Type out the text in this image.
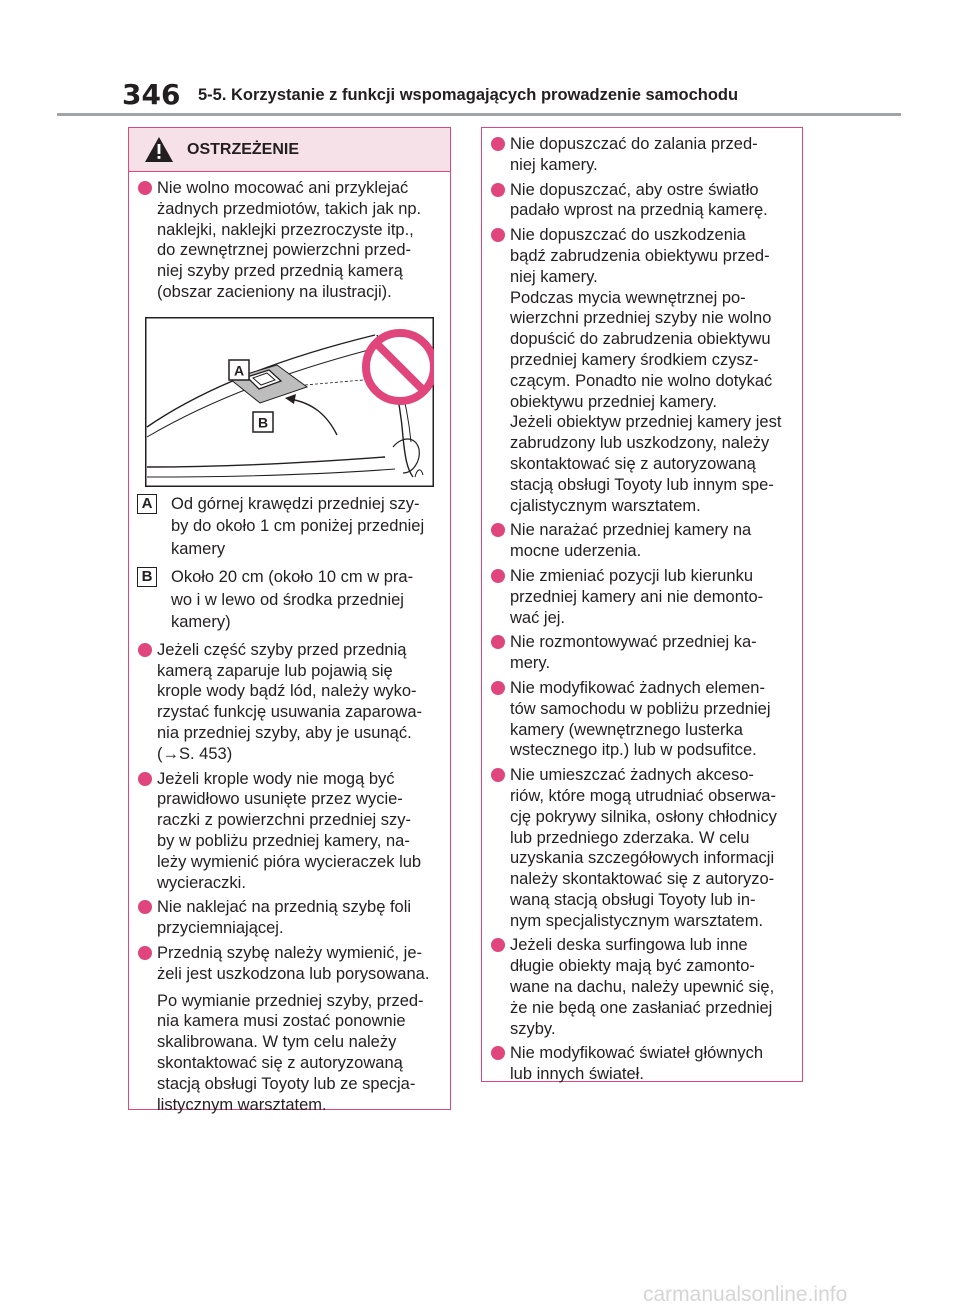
346 5-5. Korzystanie z funkcji wspomagających prowadzenie samochodu
OSTRZEŻENIE
Nie wolno mocować ani przyklejać
żadnych przedmiotów, takich jak np.
naklejki, naklejki przezroczyste itp.,
do zewnętrznej powierzchni przed-
niej szyby przed przednią kamerą
(obszar zacieniony na ilustracji).
A
B
A Od górnej krawędzi przedniej szy-
by do około 1 cm poniżej przedniej
kamery
B Około 20 cm (około 10 cm w pra-
wo i w lewo od środka przedniej
kamery)
Jeżeli część szyby przed przednią
kamerą zaparuje lub pojawią się
krople wody bądź lód, należy wyko-
rzystać funkcję usuwania zaparowa-
nia przedniej szyby, aby je usunąć.
(→S. 453)
Jeżeli krople wody nie mogą być
prawidłowo usunięte przez wycie-
raczki z powierzchni przedniej szy-
by w pobliżu przedniej kamery, na-
leży wymienić pióra wycieraczek lub
wycieraczki.
Nie naklejać na przednią szybę foli
przyciemniającej.
Przednią szybę należy wymienić, je-
żeli jest uszkodzona lub porysowana.
Po wymianie przedniej szyby, przed-
nia kamera musi zostać ponownie
skalibrowana. W tym celu należy
skontaktować się z autoryzowaną
stacją obsługi Toyoty lub ze specja-
listycznym warsztatem.
Nie dopuszczać do zalania przed-
niej kamery.
Nie dopuszczać, aby ostre światło
padało wprost na przednią kamerę.
Nie dopuszczać do uszkodzenia
bądź zabrudzenia obiektywu przed-
niej kamery.
Podczas mycia wewnętrznej po-
wierzchni przedniej szyby nie wolno
dopuścić do zabrudzenia obiektywu
przedniej kamery środkiem czysz-
czącym. Ponadto nie wolno dotykać
obiektywu przedniej kamery.
Jeżeli obiektyw przedniej kamery jest
zabrudzony lub uszkodzony, należy
skontaktować się z autoryzowaną
stacją obsługi Toyoty lub innym spe-
cjalistycznym warsztatem.
Nie narażać przedniej kamery na
mocne uderzenia.
Nie zmieniać pozycji lub kierunku
przedniej kamery ani nie demonto-
wać jej.
Nie rozmontowywać przedniej ka-
mery.
Nie modyfikować żadnych elemen-
tów samochodu w pobliżu przedniej
kamery (wewnętrznego lusterka
wstecznego itp.) lub w podsufitce.
Nie umieszczać żadnych akceso-
riów, które mogą utrudniać obserwa-
cję pokrywy silnika, osłony chłodnicy
lub przedniego zderzaka. W celu
uzyskania szczegółowych informacji
należy skontaktować się z autoryzo-
waną stacją obsługi Toyoty lub in-
nym specjalistycznym warsztatem.
Jeżeli deska surfingowa lub inne
długie obiekty mają być zamonto-
wane na dachu, należy upewnić się,
że nie będą one zasłaniać przedniej
szyby.
Nie modyfikować świateł głównych
lub innych świateł.
carmanualsonline.info
